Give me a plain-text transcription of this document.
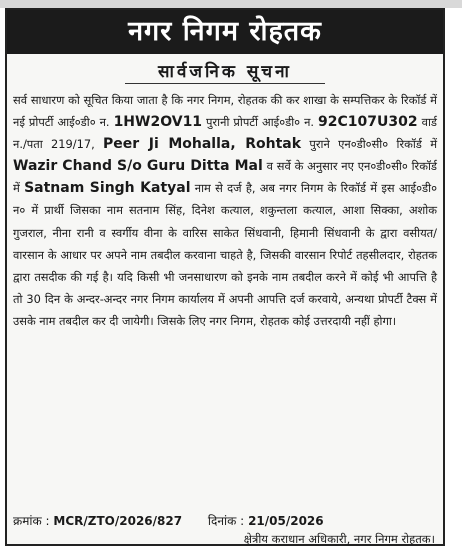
नगर निगम रोहतक
सार्वजनिक सूचना
सर्व साधारण को सूचित किया जाता है कि नगर निगम, रोहतक की कर शाखा के सम्पत्तिकर के रिकॉर्ड में नई प्रोपर्टी आई०डी० न. 1HW2OV11 पुरानी प्रोपर्टी आई०डी० न. 92C107U302 वार्ड न./पता 219/17, Peer Ji Mohalla, Rohtak पुराने एन०डी०सी० रिकॉर्ड में Wazir Chand S/o Guru Ditta Mal व सर्वे के अनुसार नए एन०डी०सी० रिकॉर्ड में Satnam Singh Katyal नाम से दर्ज है, अब नगर निगम के रिकॉर्ड में इस आई०डी० न० में प्रार्थी जिसका नाम सतनाम सिंह, दिनेश कत्याल, शकुन्तला कत्याल, आशा सिक्का, अशोक गुजराल, नीना रानी व स्वर्गीय वीना के वारिस साकेत सिंधवानी, हिमानी सिंधवानी के द्वारा वसीयत/वारसान के आधार पर अपने नाम तबदील करवाना चाहते है, जिसकी वारसान रिपोर्ट तहसीलदार, रोहतक द्वारा तसदीक की गई है। यदि किसी भी जनसाधारण को इनके नाम तबदील करने में कोई भी आपत्ति है तो 30 दिन के अन्दर-अन्दर नगर निगम कार्यालय में अपनी आपत्ति दर्ज करवाये, अन्यथा प्रोपर्टी टैक्स में उसके नाम तबदील कर दी जायेगी। जिसके लिए नगर निगम, रोहतक कोई उत्तरदायी नहीं होगा।
क्रमांक : MCR/ZTO/2026/827 दिनांक : 21/05/2026
क्षेत्रीय कराधान अधिकारी, नगर निगम रोहतक।
